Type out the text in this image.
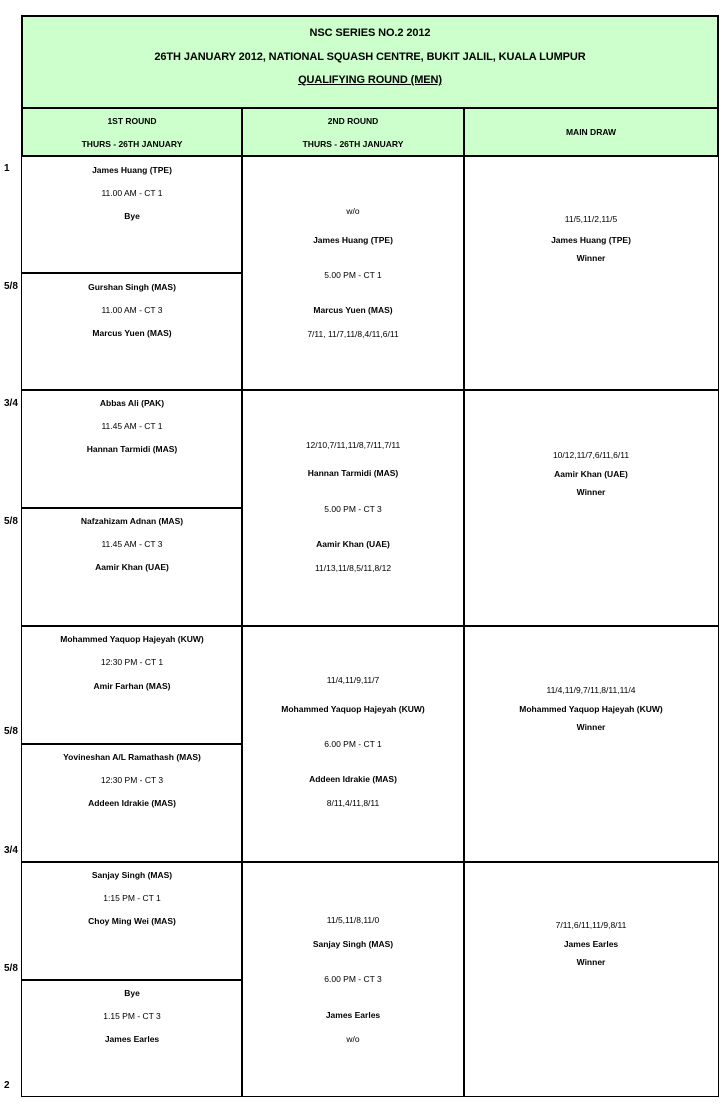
NSC SERIES NO.2 2012
26TH JANUARY 2012, NATIONAL SQUASH CENTRE, BUKIT JALIL, KUALA LUMPUR
QUALIFYING ROUND (MEN)
1ST ROUND
THURS - 26TH JANUARY
2ND ROUND
THURS - 26TH JANUARY
MAIN DRAW
1
5/8
3/4
5/8
5/8
3/4
5/8
2
James Huang (TPE)
11.00 AM - CT 1
Bye
Gurshan Singh (MAS)
11.00 AM - CT 3
Marcus Yuen (MAS)
Abbas Ali (PAK)
11.45 AM - CT 1
Hannan Tarmidi (MAS)
Nafzahizam Adnan (MAS)
11.45 AM - CT 3
Aamir Khan (UAE)
Mohammed Yaquop Hajeyah (KUW)
12:30 PM - CT 1
Amir Farhan (MAS)
Yovineshan A/L Ramathash (MAS)
12:30 PM - CT 3
Addeen Idrakie (MAS)
Sanjay Singh (MAS)
1:15 PM - CT 1
Choy Ming Wei (MAS)
Bye
1.15 PM - CT 3
James Earles
w/o
James Huang (TPE)
5.00 PM - CT 1
Marcus Yuen (MAS)
7/11, 11/7,11/8,4/11,6/11
12/10,7/11,11/8,7/11,7/11
Hannan Tarmidi (MAS)
5.00 PM - CT 3
Aamir Khan (UAE)
11/13,11/8,5/11,8/12
11/4,11/9,11/7
Mohammed Yaquop Hajeyah (KUW)
6.00 PM - CT 1
Addeen Idrakie (MAS)
8/11,4/11,8/11
11/5,11/8,11/0
Sanjay Singh (MAS)
6.00 PM - CT 3
James Earles
w/o
11/5,11/2,11/5
James Huang (TPE)
Winner
10/12,11/7,6/11,6/11
Aamir Khan (UAE)
Winner
11/4,11/9,7/11,8/11,11/4
Mohammed Yaquop Hajeyah (KUW)
Winner
7/11,6/11,11/9,8/11
James Earles
Winner
